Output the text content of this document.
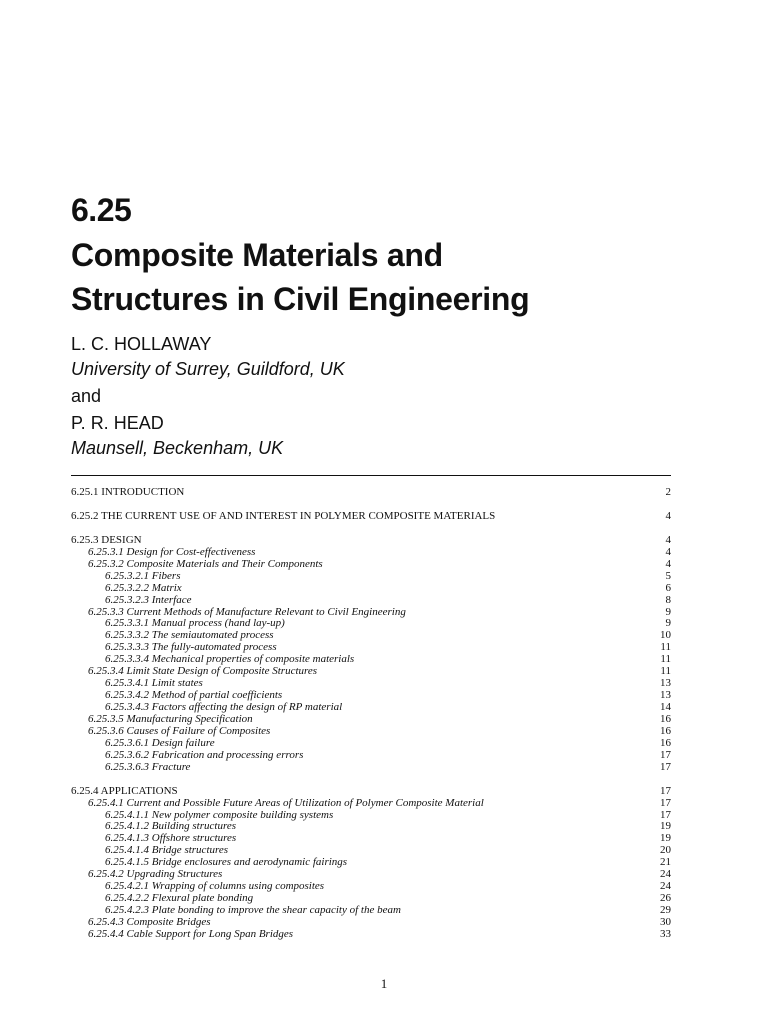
6.25
Composite Materials and
Structures in Civil Engineering
L. C. HOLLAWAY
University of Surrey, Guildford, UK
and
P. R. HEAD
Maunsell, Beckenham, UK
6.25.1 INTRODUCTION	2
6.25.2 THE CURRENT USE OF AND INTEREST IN POLYMER COMPOSITE MATERIALS	4
6.25.3 DESIGN	4
6.25.3.1 Design for Cost-effectiveness	4
6.25.3.2 Composite Materials and Their Components	4
6.25.3.2.1 Fibers	5
6.25.3.2.2 Matrix	6
6.25.3.2.3 Interface	8
6.25.3.3 Current Methods of Manufacture Relevant to Civil Engineering	9
6.25.3.3.1 Manual process (hand lay-up)	9
6.25.3.3.2 The semiautomated process	10
6.25.3.3.3 The fully-automated process	11
6.25.3.3.4 Mechanical properties of composite materials	11
6.25.3.4 Limit State Design of Composite Structures	11
6.25.3.4.1 Limit states	13
6.25.3.4.2 Method of partial coefficients	13
6.25.3.4.3 Factors affecting the design of RP material	14
6.25.3.5 Manufacturing Specification	16
6.25.3.6 Causes of Failure of Composites	16
6.25.3.6.1 Design failure	16
6.25.3.6.2 Fabrication and processing errors	17
6.25.3.6.3 Fracture	17
6.25.4 APPLICATIONS	17
6.25.4.1 Current and Possible Future Areas of Utilization of Polymer Composite Material	17
6.25.4.1.1 New polymer composite building systems	17
6.25.4.1.2 Building structures	19
6.25.4.1.3 Offshore structures	19
6.25.4.1.4 Bridge structures	20
6.25.4.1.5 Bridge enclosures and aerodynamic fairings	21
6.25.4.2 Upgrading Structures	24
6.25.4.2.1 Wrapping of columns using composites	24
6.25.4.2.2 Flexural plate bonding	26
6.25.4.2.3 Plate bonding to improve the shear capacity of the beam	29
6.25.4.3 Composite Bridges	30
6.25.4.4 Cable Support for Long Span Bridges	33
1
